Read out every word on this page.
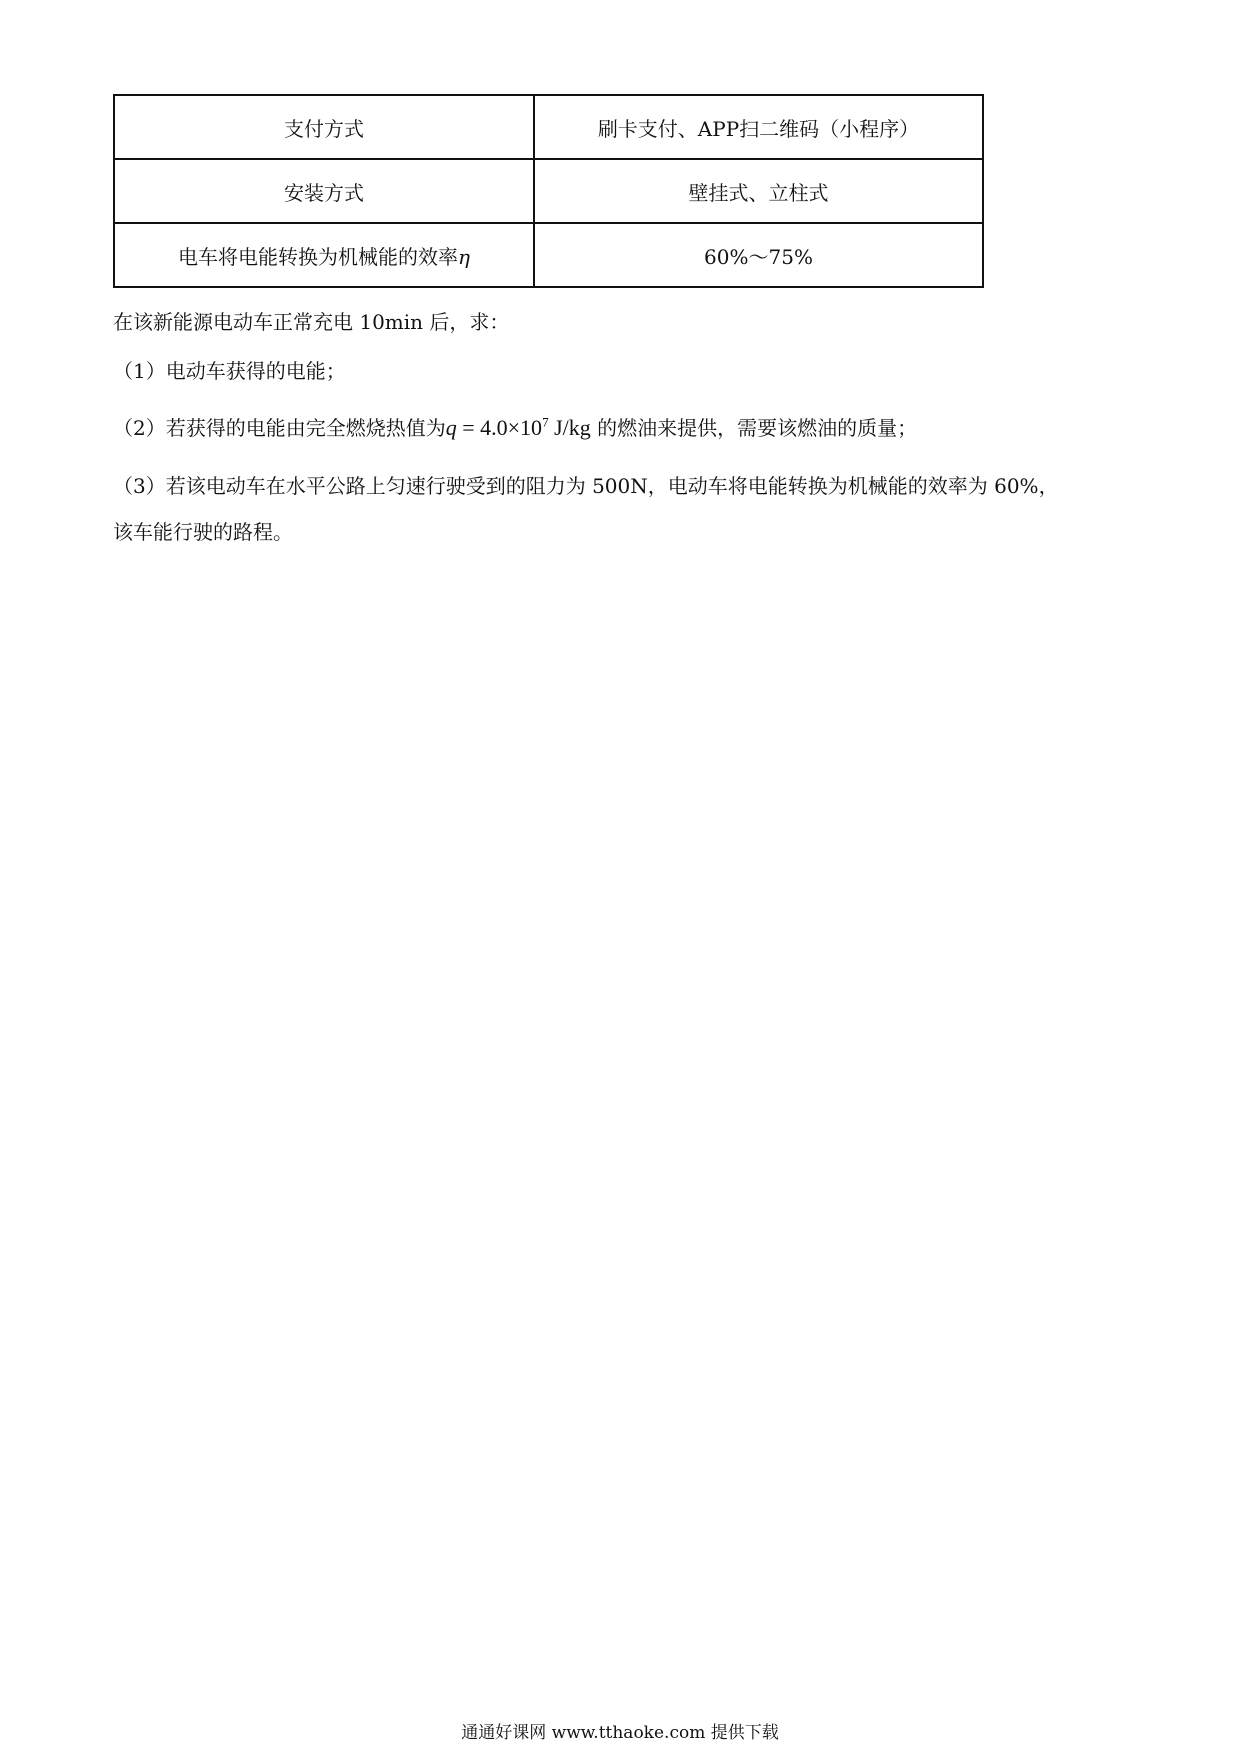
支付方式	刷卡支付、APP扫二维码（小程序）
安装方式	壁挂式、立柱式
电车将电能转换为机械能的效率η	60%～75%
在该新能源电动车正常充电 10min 后，求：
（1）电动车获得的电能；
（2）若获得的电能由完全燃烧热值为$q = 4.0\times 10^7$ J/kg 的燃油来提供，需要该燃油的质量；
（3）若该电动车在水平公路上匀速行驶受到的阻力为 500N，电动车将电能转换为机械能的效率为 60%，
该车能行驶的路程。
通通好课网 www.tthaoke.com 提供下载
